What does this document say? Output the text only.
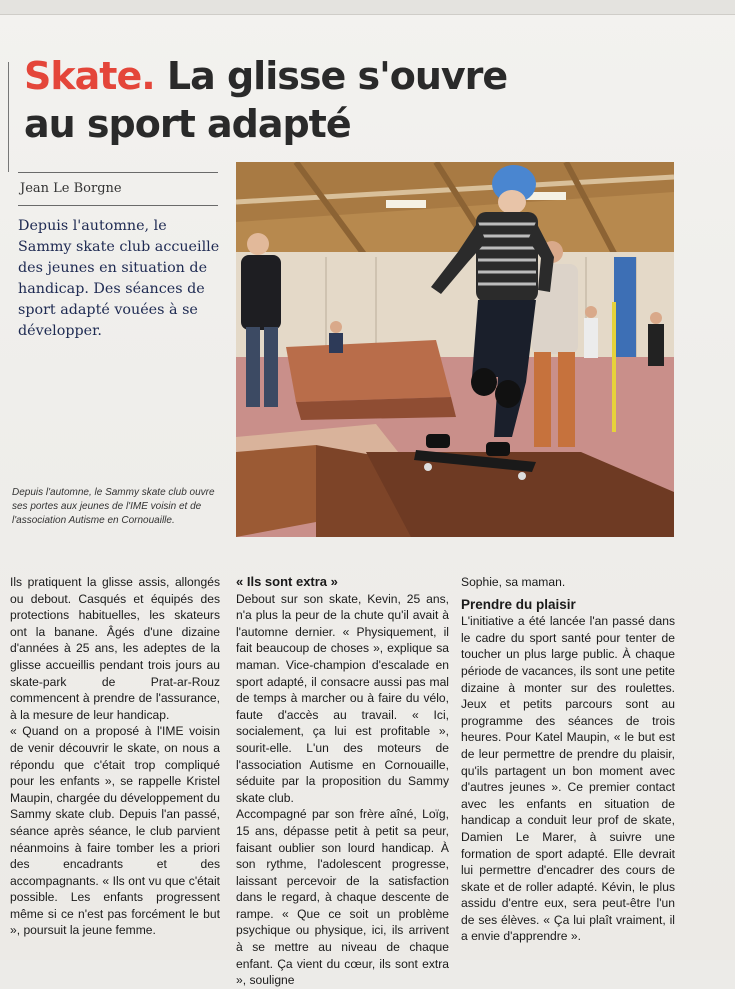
Skate. La glisse s'ouvre
au sport adapté
Jean Le Borgne

Depuis l'automne, le Sammy skate club accueille des jeunes en situation de handicap. Des séances de sport adapté vouées à se développer.

Depuis l'automne, le Sammy skate club ouvre ses portes aux jeunes de l'IME voisin et de l'association Autisme en Cornouaille.

Ils pratiquent la glisse assis, allongés ou debout. Casqués et équipés des protections habituelles, les skateurs ont la banane. Âgés d'une dizaine d'années à 25 ans, les adeptes de la glisse accueillis pendant trois jours au skate-park de Prat-ar-Rouz commencent à prendre de l'assurance, à la mesure de leur handicap.

« Quand on a proposé à l'IME voisin de venir découvrir le skate, on nous a répondu que c'était trop compliqué pour les enfants », se rappelle Kristel Maupin, chargée du développement du Sammy skate club. Depuis l'an passé, séance après séance, le club parvient néanmoins à faire tomber les a priori des encadrants et des accompagnants. « Ils ont vu que c'était possible. Les enfants progressent même si ce n'est pas forcément le but », poursuit la jeune femme.

« Ils sont extra »

Debout sur son skate, Kevin, 25 ans, n'a plus la peur de la chute qu'il avait à l'automne dernier. « Physiquement, il fait beaucoup de choses », explique sa maman. Vice-champion d'escalade en sport adapté, il consacre aussi pas mal de temps à marcher ou à faire du vélo, faute d'accès au travail. « Ici, socialement, ça lui est profitable », sourit-elle. L'un des moteurs de l'association Autisme en Cornouaille, séduite par la proposition du Sammy skate club.

Accompagné par son frère aîné, Loïg, 15 ans, dépasse petit à petit sa peur, faisant oublier son lourd handicap. À son rythme, l'adolescent progresse, laissant percevoir de la satisfaction dans le regard, à chaque descente de rampe. « Que ce soit un problème psychique ou physique, ici, ils arrivent à se mettre au niveau de chaque enfant. Ça vient du cœur, ils sont extra », souligne

Sophie, sa maman.

Prendre du plaisir

L'initiative a été lancée l'an passé dans le cadre du sport santé pour tenter de toucher un plus large public. À chaque période de vacances, ils sont une petite dizaine à monter sur des roulettes. Jeux et petits parcours sont au programme des séances de trois heures. Pour Katel Maupin, « le but est de leur permettre de prendre du plaisir, qu'ils partagent un bon moment avec d'autres jeunes ». Ce premier contact avec les enfants en situation de handicap a conduit leur prof de skate, Damien Le Marer, à suivre une formation de sport adapté. Elle devrait lui permettre d'encadrer des cours de skate et de roller adapté. Kévin, le plus assidu d'entre eux, sera peut-être l'un de ses élèves. « Ça lui plaît vraiment, il a envie d'apprendre ».
